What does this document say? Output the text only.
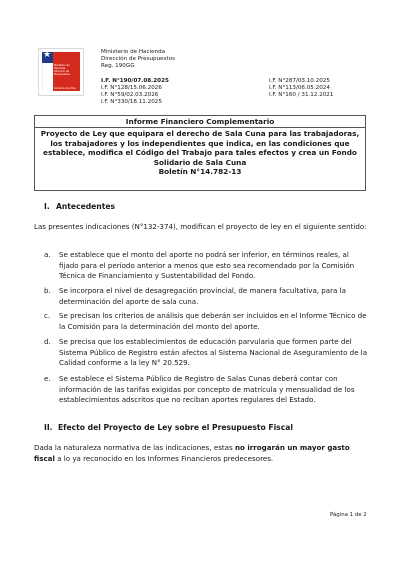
★
Ministerio de
Hacienda
Dirección de
Presupuestos
Gobierno de Chile
Ministerio de Hacienda
Dirección de Presupuestos
Reg. 190GG
I.F. N°190/07.08.2025
I.F. N°128/15.06.2026
I.F. N°59/02.03.2026
I.F. N°330/18.11.2025
I.F. N°287/03.10.2025
I.F. N°113/06.05.2024
I.F. N°160 / 31.12.2021
Informe Financiero Complementario
Proyecto de Ley que equipara el derecho de Sala Cuna para las trabajadoras, los trabajadores y los independientes que indica, en las condiciones que establece, modifica el Código del Trabajo para tales efectos y crea un Fondo Solidario de Sala Cuna
Boletín N°14.782-13
I. Antecedentes
Las presentes indicaciones (N°132-374), modifican el proyecto de ley en el siguiente sentido:
a. Se establece que el monto del aporte no podrá ser inferior, en términos reales, al fijado para el período anterior a menos que esto sea recomendado por la Comisión Técnica de Financiamiento y Sustentabilidad del Fondo.
b. Se incorpora el nivel de desagregación provincial, de manera facultativa, para la determinación del aporte de sala cuna.
c. Se precisan los criterios de análisis que deberán ser incluidos en el Informe Técnico de la Comisión para la determinación del monto del aporte.
d. Se precisa que los establecimientos de educación parvularia que formen parte del Sistema Público de Registro están afectos al Sistema Nacional de Aseguramiento de la Calidad conforme a la ley N° 20.529.
e. Se establece el Sistema Público de Registro de Salas Cunas deberá contar con información de las tarifas exigidas por concepto de matrícula y mensualidad de los establecimientos adscritos que no reciban aportes regulares del Estado.
II. Efecto del Proyecto de Ley sobre el Presupuesto Fiscal
Dada la naturaleza normativa de las indicaciones, estas no irrogarán un mayor gasto fiscal a lo ya reconocido en los Informes Financieros predecesores.
Página 1 de 2
